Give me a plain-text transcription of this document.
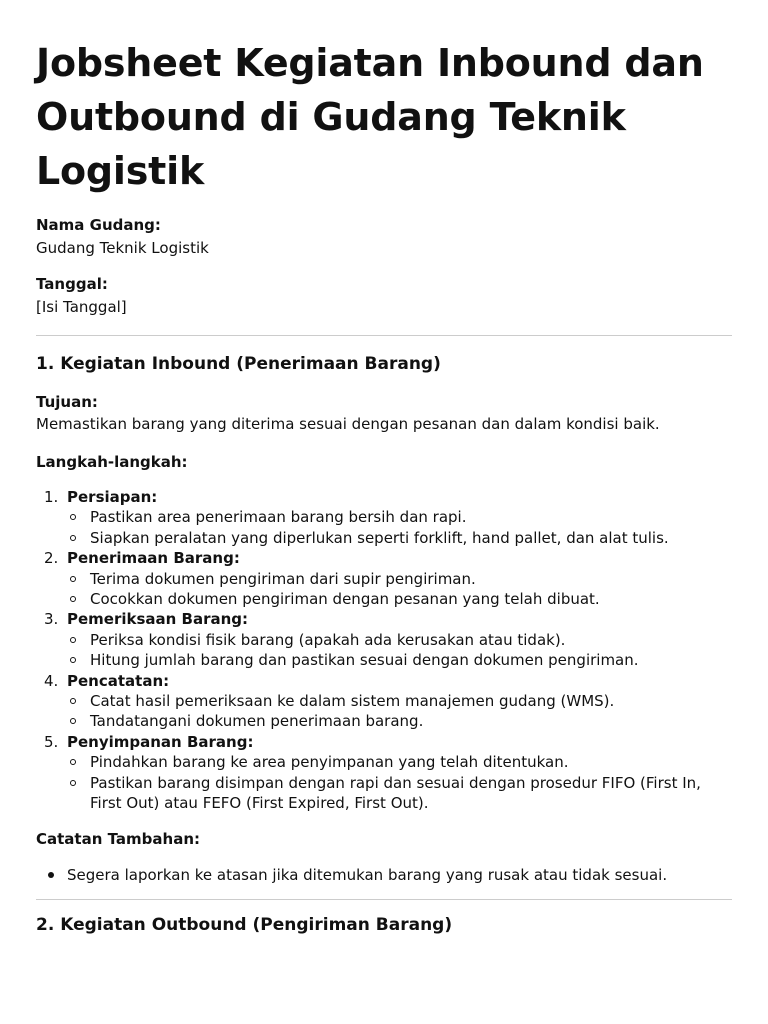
Jobsheet Kegiatan Inbound dan Outbound di Gudang Teknik Logistik
Nama Gudang:
Gudang Teknik Logistik
Tanggal:
[Isi Tanggal]
1. Kegiatan Inbound (Penerimaan Barang)
Tujuan:
Memastikan barang yang diterima sesuai dengan pesanan dan dalam kondisi baik.
Langkah-langkah:
1. Persiapan:
Pastikan area penerimaan barang bersih dan rapi.
Siapkan peralatan yang diperlukan seperti forklift, hand pallet, dan alat tulis.
2. Penerimaan Barang:
Terima dokumen pengiriman dari supir pengiriman.
Cocokkan dokumen pengiriman dengan pesanan yang telah dibuat.
3. Pemeriksaan Barang:
Periksa kondisi fisik barang (apakah ada kerusakan atau tidak).
Hitung jumlah barang dan pastikan sesuai dengan dokumen pengiriman.
4. Pencatatan:
Catat hasil pemeriksaan ke dalam sistem manajemen gudang (WMS).
Tandatangani dokumen penerimaan barang.
5. Penyimpanan Barang:
Pindahkan barang ke area penyimpanan yang telah ditentukan.
Pastikan barang disimpan dengan rapi dan sesuai dengan prosedur FIFO (First In, First Out) atau FEFO (First Expired, First Out).
Catatan Tambahan:
Segera laporkan ke atasan jika ditemukan barang yang rusak atau tidak sesuai.
2. Kegiatan Outbound (Pengiriman Barang)
